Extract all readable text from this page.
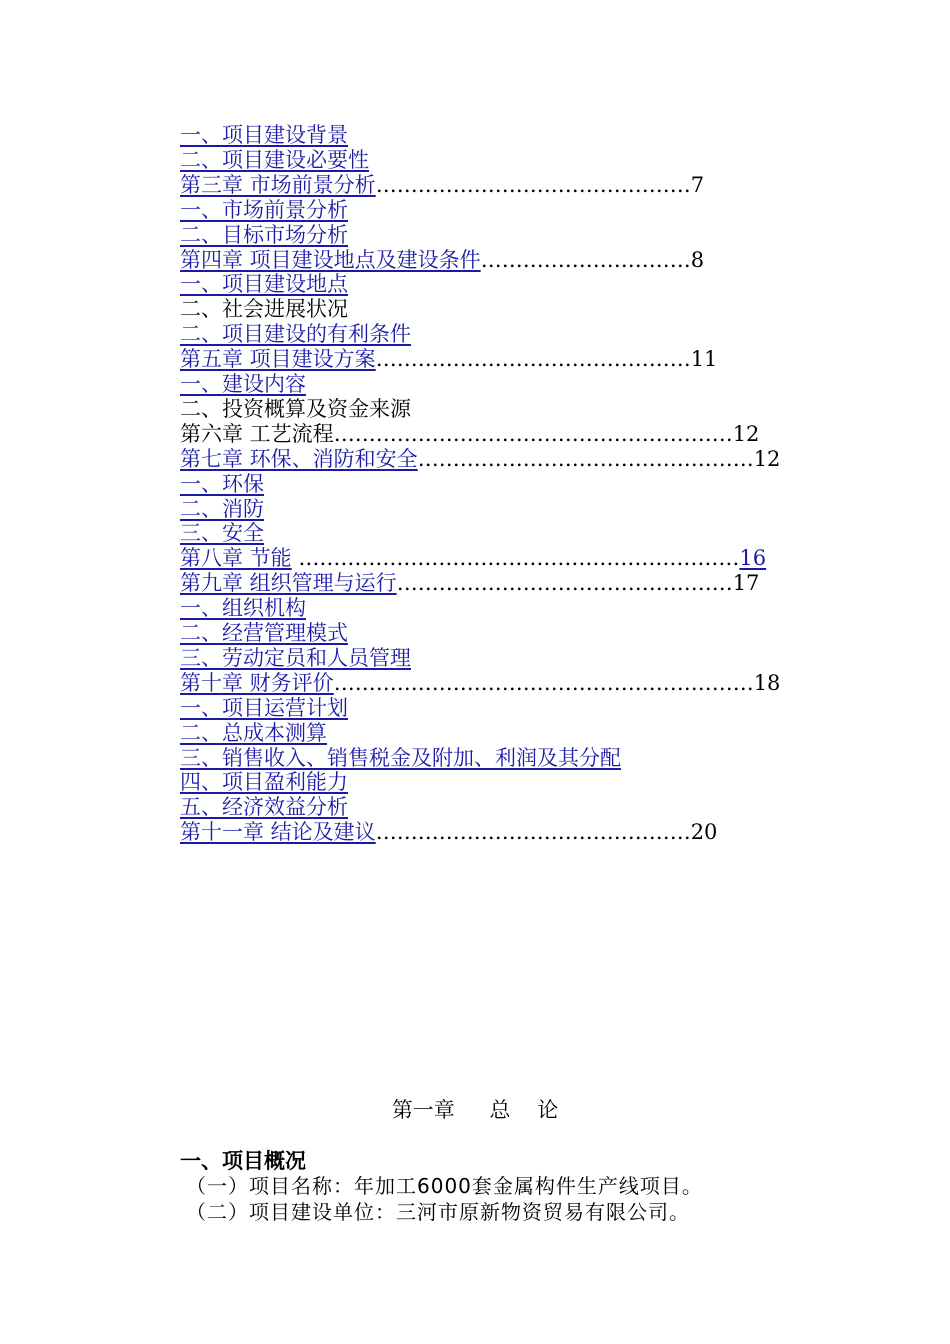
一、项目建设背景
二、项目建设必要性
第三章 市场前景分析………………………………………7
一、市场前景分析
二、目标市场分析
第四章 项目建设地点及建设条件…………………………8
一、项目建设地点
二、社会进展状况
二、项目建设的有利条件
第五章 项目建设方案………………………………………11
一、建设内容
二、投资概算及资金来源
第六章 工艺流程…………………………………………………12
第七章 环保、消防和安全…………………………………………12
一、环保
二、消防
三、安全
第八章 节能 ………………………………………………………16
第九章 组织管理与运行…………………………………………17
一、组织机构
二、经营管理模式
三、劳动定员和人员管理
第十章 财务评价……………………………………………………18
一、项目运营计划
二、总成本测算
三、销售收入、销售税金及附加、利润及其分配
四、项目盈利能力
五、经济效益分析
第十一章 结论及建议………………………………………20
第一章 总 论
一、项目概况
（一）项目名称：年加工6000套金属构件生产线项目。
（二）项目建设单位：三河市原新物资贸易有限公司。
